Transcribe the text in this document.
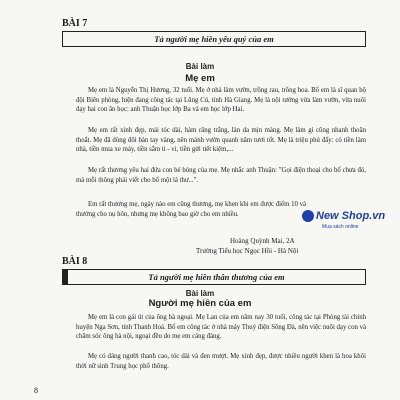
BÀI 7
Tả người mẹ hiền yêu quý của em
Bài làm
Mẹ em

Mẹ em là Nguyễn Thị Hương, 32 tuổi. Mẹ ở nhà làm vườn, trồng rau, trồng hoa. Bố em là sĩ quan bộ đội Biên phòng, hiện đang công tác tại Lũng Cú, tỉnh Hà Giang. Mẹ là nội tướng vừa làm vườn, vừa nuôi dạy hai con ăn học: anh Thuận học lớp Ba và em học lớp Hai.

Mẹ em rất xinh đẹp, mái tóc dài, hàm răng trắng, làn da mịn màng. Mẹ làm gì cũng nhanh thoăn thoắt. Mẹ đã dùng đôi bàn tay vàng, nên mảnh vườn quanh năm tươi tốt. Mẹ là triệu phú đấy: có tiền làm nhà, tiền mua xe máy, tiền sắm ti - vi, tiền gửi tiết kiệm,...

Mẹ rất thương yêu hai đứa con bé bỏng của mẹ. Mẹ nhắc anh Thuận: "Gọi điện thoại cho bố chưa đó, mà mỗi thông phải viết cho bố một lá thư...".

Em rất thương mẹ, ngày nào em cũng thương, mẹ khen khi em được điểm 10 và thưởng cho nụ hôn, nhưng mẹ không bao giờ cho em nhiều.

Hoàng Quỳnh Mai, 2A
Trường Tiểu học Ngọc Hồi - Hà Nội
New Shop.vn
Mua sách online
BÀI 8
Tả người mẹ hiền thân thương của em
Bài làm
Người mẹ hiền của em

Mẹ em là con gái út của ông bà ngoại. Mẹ Lan của em năm nay 30 tuổi, công tác tại Phòng tài chính huyện Nga Sơn, tỉnh Thanh Hoá. Bố em công tác ở nhà máy Thuỷ điện Sông Đà, nên việc nuôi dạy con và chăm sóc ông bà nội, ngoại đều do mẹ em cáng đáng.

Mẹ có dáng người thanh cao, tóc dài và đen mượt. Mẹ xinh đẹp, được nhiều người khen là hoa khôi thời nữ sinh Trung học phổ thông.

8
